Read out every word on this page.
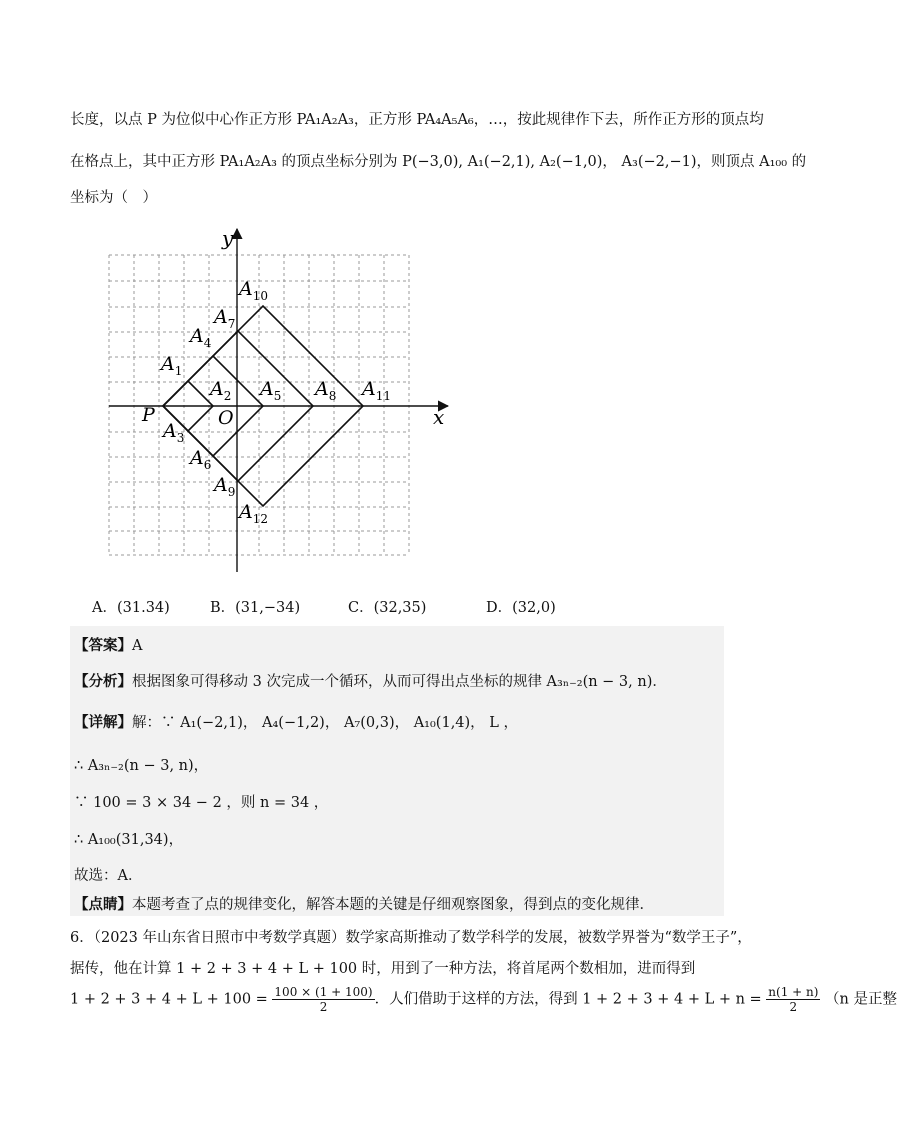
长度，以点 P 为位似中心作正方形 PA₁A₂A₃，正方形 PA₄A₅A₆，…，按此规律作下去，所作正方形的顶点均
在格点上，其中正方形 PA₁A₂A₃ 的顶点坐标分别为 P(−3,0), A₁(−2,1), A₂(−1,0)， A₃(−2,−1)，则顶点 A₁₀₀ 的
坐标为（　）
y
x
O
P
$A_1$
$A_2$
$A_3$
$A_4$
$A_5$
$A_6$
$A_7$
$A_8$
$A_9$
$A_{10}$
$A_{11}$
$A_{12}$
A．(31.34)	B．(31,−34)	C．(32,35)	D．(32,0)
【答案】A
【分析】根据图象可得移动 3 次完成一个循环，从而可得出点坐标的规律 A₃ₙ₋₂(n − 3, n)．
【详解】解：∵ A₁(−2,1)， A₄(−1,2)， A₇(0,3)， A₁₀(1,4)， L ，
∴ A₃ₙ₋₂(n − 3, n)，
∵ 100 = 3 × 34 − 2 ，则 n = 34 ，
∴ A₁₀₀(31,34)，
故选：A．
【点睛】本题考查了点的规律变化，解答本题的关键是仔细观察图象，得到点的变化规律．
6．（2023 年山东省日照市中考数学真题）数学家高斯推动了数学科学的发展，被数学界誉为“数学王子”，
据传，他在计算 1 + 2 + 3 + 4 + L + 100 时，用到了一种方法，将首尾两个数相加，进而得到
$1 + 2 + 3 + 4 + L + 100 = \frac{100 \times (1 + 100)}{2}$ ．人们借助于这样的方法，得到 $1 + 2 + 3 + 4 + L + n = \frac{n(1 + n)}{2} (n$ 是正整
